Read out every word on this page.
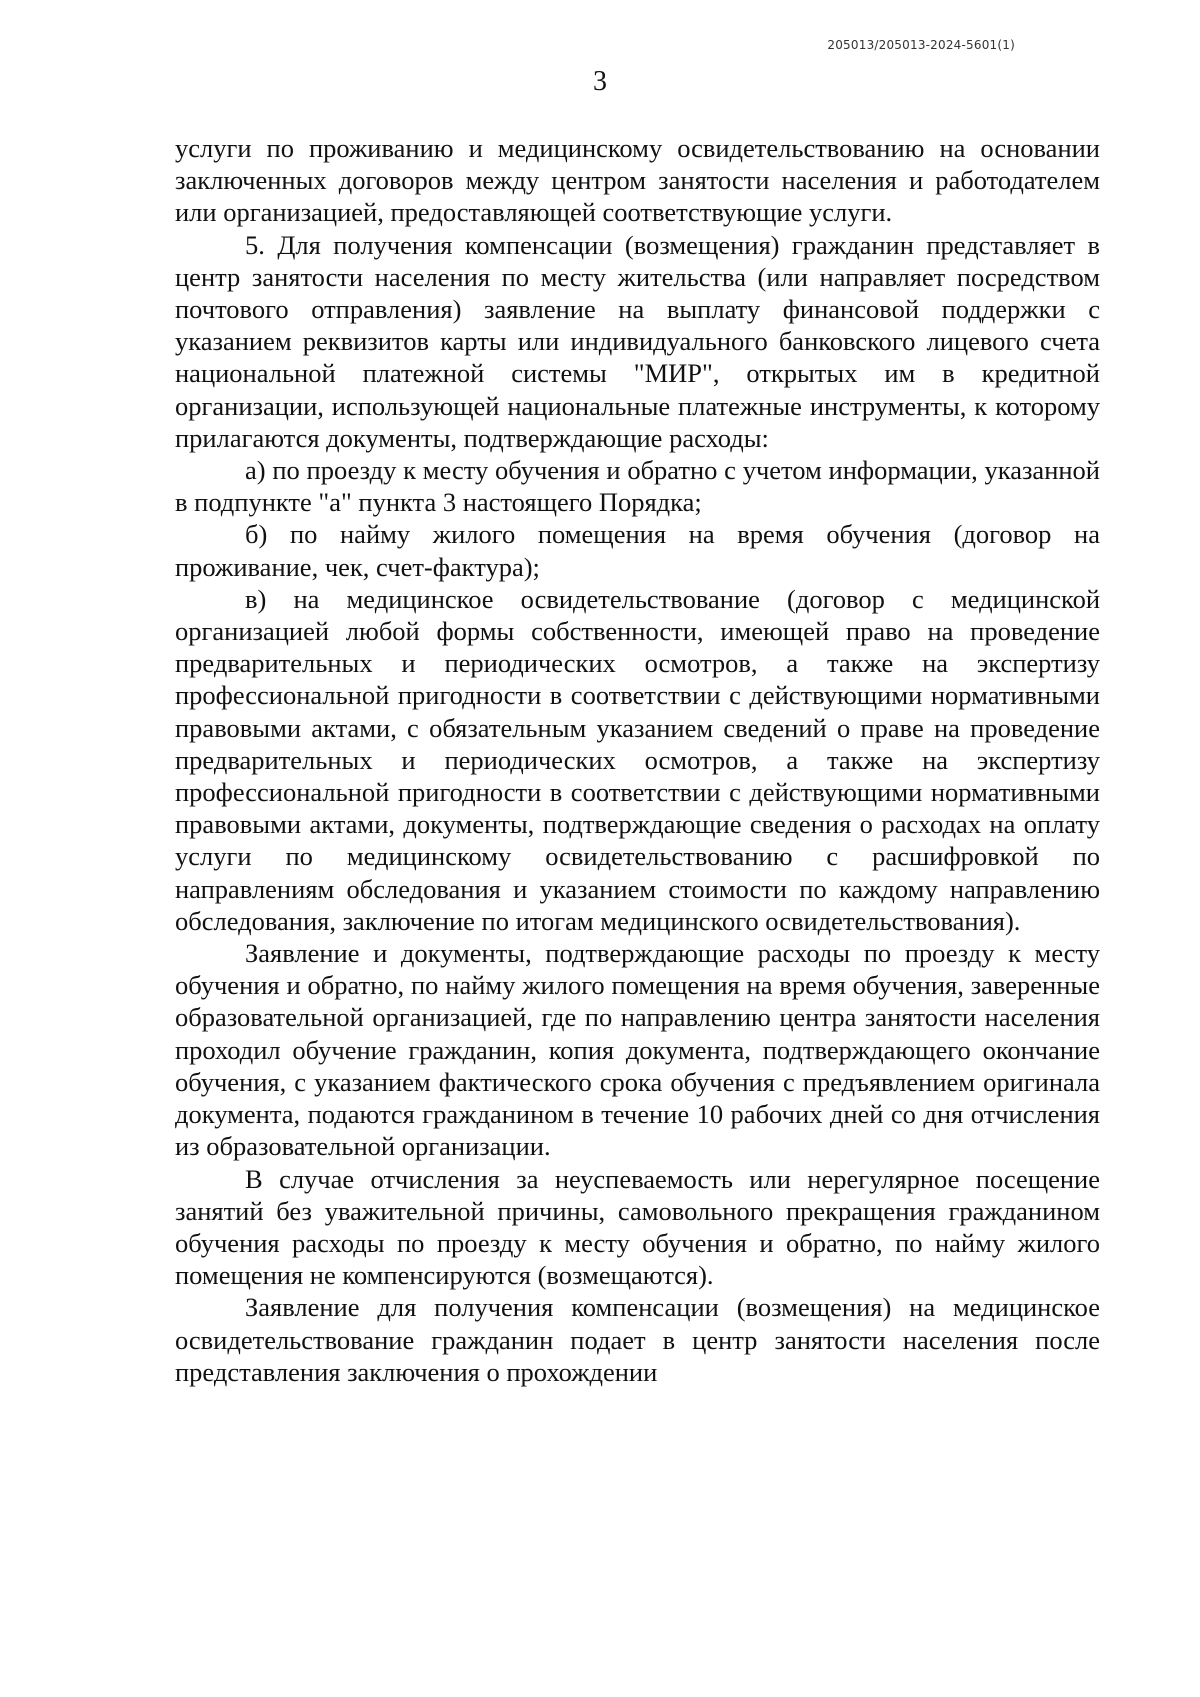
205013/205013-2024-5601(1)
3

услуги по проживанию и медицинскому освидетельствованию на основании заключенных договоров между центром занятости населения и работодателем или организацией, предоставляющей соответствующие услуги.

5. Для получения компенсации (возмещения) гражданин представляет в центр занятости населения по месту жительства (или направляет посредством почтового отправления) заявление на выплату финансовой поддержки с указанием реквизитов карты или индивидуального банковского лицевого счета национальной платежной системы "МИР", открытых им в кредитной организации, использующей национальные платежные инструменты, к которому прилагаются документы, подтверждающие расходы:

а) по проезду к месту обучения и обратно с учетом информации, указанной в подпункте "а" пункта 3 настоящего Порядка;

б) по найму жилого помещения на время обучения (договор на проживание, чек, счет-фактура);

в) на медицинское освидетельствование (договор с медицинской организацией любой формы собственности, имеющей право на проведение предварительных и периодических осмотров, а также на экспертизу профессиональной пригодности в соответствии с действующими нормативными правовыми актами, с обязательным указанием сведений о праве на проведение предварительных и периодических осмотров, а также на экспертизу профессиональной пригодности в соответствии с действующими нормативными правовыми актами, документы, подтверждающие сведения о расходах на оплату услуги по медицинскому освидетельствованию с расшифровкой по направлениям обследования и указанием стоимости по каждому направлению обследования, заключение по итогам медицинского освидетельствования).

Заявление и документы, подтверждающие расходы по проезду к месту обучения и обратно, по найму жилого помещения на время обучения, заверенные образовательной организацией, где по направлению центра занятости населения проходил обучение гражданин, копия документа, подтверждающего окончание обучения, с указанием фактического срока обучения с предъявлением оригинала документа, подаются гражданином в течение 10 рабочих дней со дня отчисления из образовательной организации.

В случае отчисления за неуспеваемость или нерегулярное посещение занятий без уважительной причины, самовольного прекращения гражданином обучения расходы по проезду к месту обучения и обратно, по найму жилого помещения не компенсируются (возмещаются).

Заявление для получения компенсации (возмещения) на медицинское освидетельствование гражданин подает в центр занятости населения после представления заключения о прохождении
